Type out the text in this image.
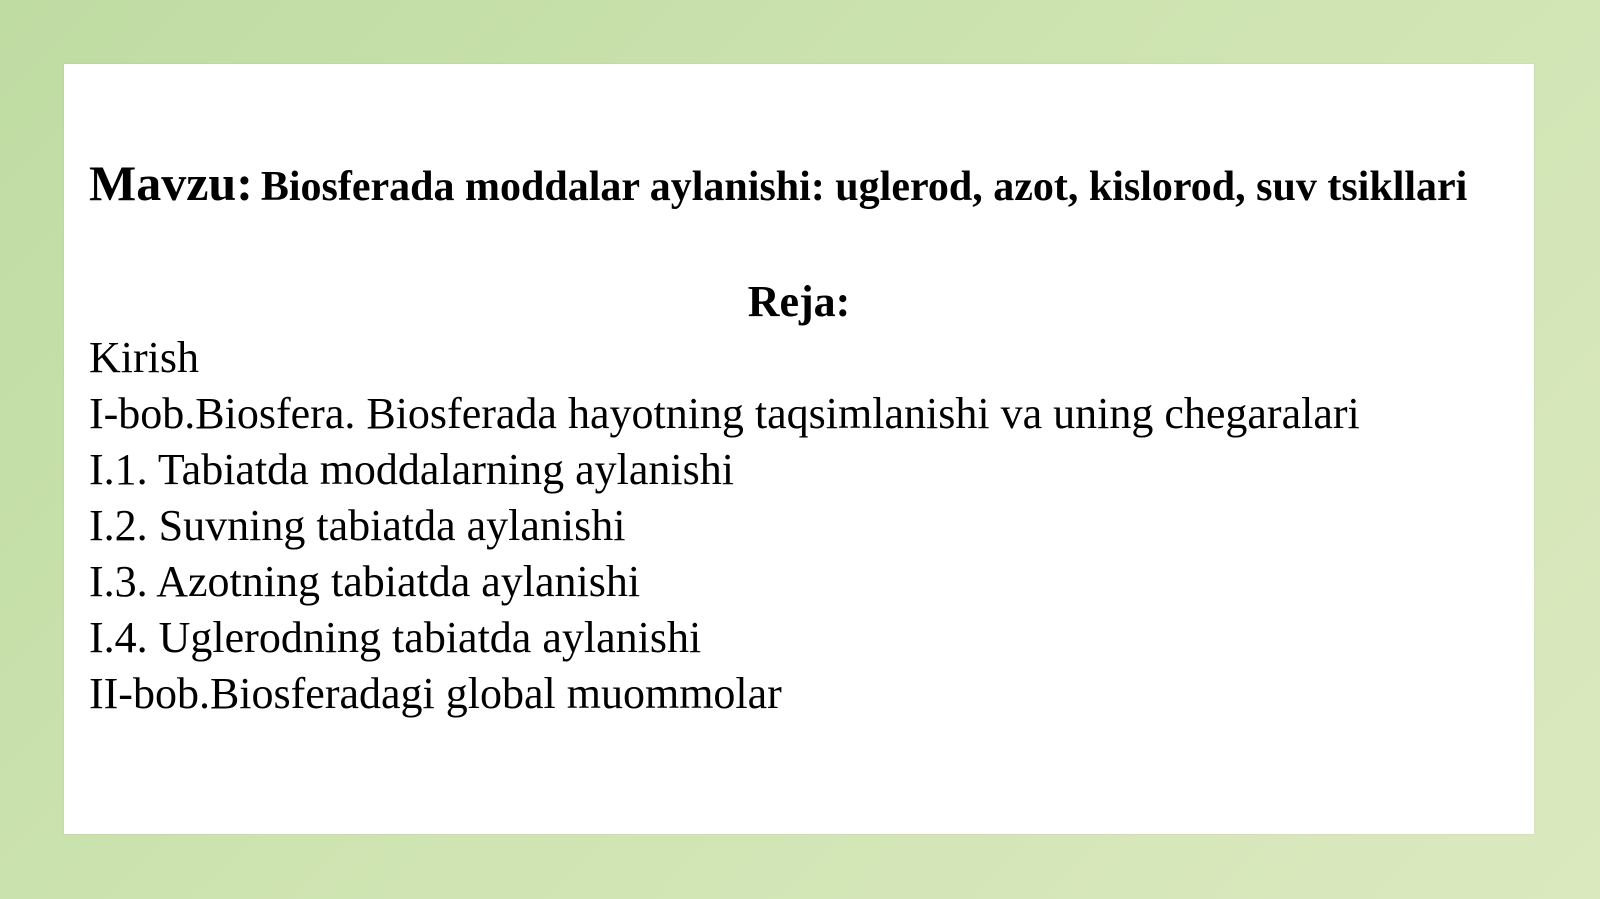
Mavzu: Biosferada moddalar aylanishi: uglerod, azot, kislorod, suv tsikllari
Reja:
Kirish
I-bob.Biosfera. Biosferada hayotning taqsimlanishi va uning chegaralari
I.1. Tabiatda moddalarning aylanishi
I.2. Suvning tabiatda aylanishi
I.3. Azotning tabiatda aylanishi
I.4. Uglerodning tabiatda aylanishi
II-bob.Biosferadagi global muommolar
